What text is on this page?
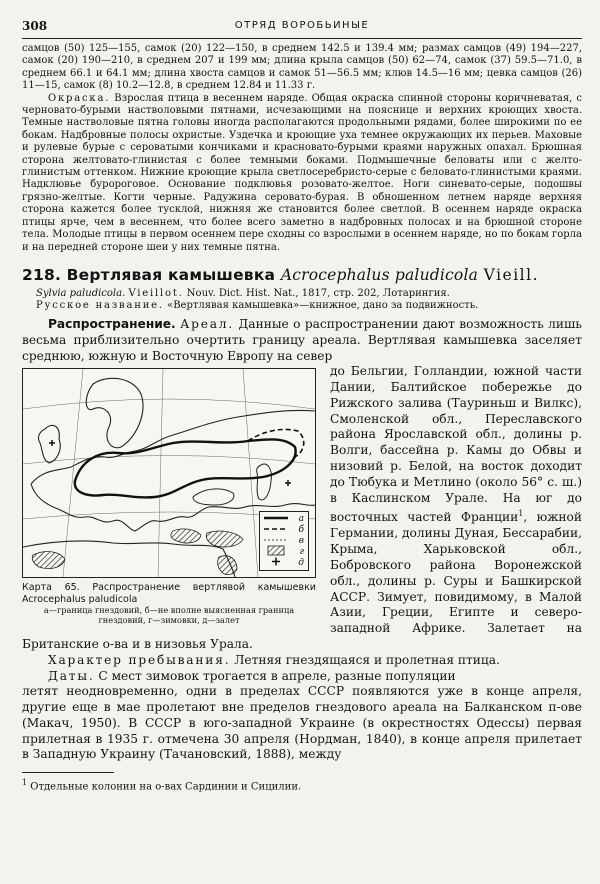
308	ОТРЯД ВОРОБЬИНЫЕ

самцов (50) 125—155, самок (20) 122—150, в среднем 142.5 и 139.4 мм; размах самцов (49) 194—227, самок (20) 190—210, в среднем 207 и 199 мм; длина крыла самцов (50) 62—74, самок (37) 59.5—71.0, в среднем 66.1 и 64.1 мм; длина хвоста самцов и самок 51—56.5 мм; клюв 14.5—16 мм; цевка самцов (26) 11—15, самок (8) 10.2—12.8, в среднем 12.84 и 11.33 г.

Окраска. Взрослая птица в весеннем наряде. Общая окраска спинной стороны коричневатая, с черновато-бурыми настволовыми пятнами, исчезающими на пояснице и верхних кроющих хвоста. Темные настволовые пятна головы иногда располагаются продольными рядами, более широкими по ее бокам. Надбровные полосы охристые. Уздечка и кроющие уха темнее окружающих их перьев. Маховые и рулевые бурые с сероватыми кончиками и красновато-бурыми краями наружных опахал. Брюшная сторона желтовато-глинистая с более темными боками. Подмышечные беловаты или с желто-глинистым оттенком. Нижние кроющие крыла светлосеребристо-серые с беловато-глинистыми краями. Надклювье буророговое. Основание подклювья розовато-желтое. Ноги синевато-серые, подошвы грязно-желтые. Когти черные. Радужина серовато-бурая. В обношенном летнем наряде верхняя сторона кажется более тусклой, нижняя же становится более светлой. В осеннем наряде окраска птицы ярче, чем в весеннем, что более всего заметно в надбровных полосах и на брюшной стороне тела. Молодые птицы в первом осеннем пере сходны со взрослыми в осеннем наряде, но по бокам горла и на передней стороне шеи у них темные пятна.

218. Вертлявая камышевка Acrocephalus paludicola Vieill.

Sylvia paludicola. Vieillot. Nouv. Dict. Hist. Nat., 1817, стр. 202, Лотарингия.

Русское название. «Вертлявая камышевка»—книжное, дано за подвижность.

Распространение. Ареал. Данные о распространении дают возможность лишь весьма приблизительно очертить границу ареала. Вертлявая камышевка заселяет среднюю, южную и Восточную Европу на север

а
б
в
г
д
Карта 65. Распространение вертлявой камышевки Acrocephalus paludicola
а—граница гнездовий, б—не вполне выясненная граница гнездовий, г—зимовки, д—залет

до Бельгии, Голландии, южной части Дании, Балтийское побережье до Рижского залива (Тауриньш и Вилкс), Смоленской обл., Переславского района Ярославской обл., долины р. Волги, бассейна р. Камы до Обвы и низовий р. Белой, на восток доходит до Тюбука и Метлино (около 56° с. ш.) в Каслинском Урале. На юг до восточных частей Франции$^1$, южной Германии, долины Дуная, Бессарабии, Крыма, Харьковской обл., Бобровского района Воронежской обл., долины р. Суры и Башкирской АССР. Зимует, повидимому, в Малой Азии, Греции, Египте и северо-западной Африке. Залетает на Британские о-ва и в низовья Урала.

Характер пребывания. Летняя гнездящаяся и пролетная птица.

Даты. С мест зимовок трогается в апреле, разные популяции

летят неодновременно, одни в пределах СССР появляются уже в конце апреля, другие еще в мае пролетают вне пределов гнездового ареала на Балканском п-ове (Макач, 1950). В СССР в юго-западной Украине (в окрестностях Одессы) первая прилетная в 1935 г. отмечена 30 апреля (Нордман, 1840), в конце апреля прилетает в Западную Украину (Тачановский, 1888), между

$^1$ Отдельные колонии на о-вах Сардинии и Сицилии.
